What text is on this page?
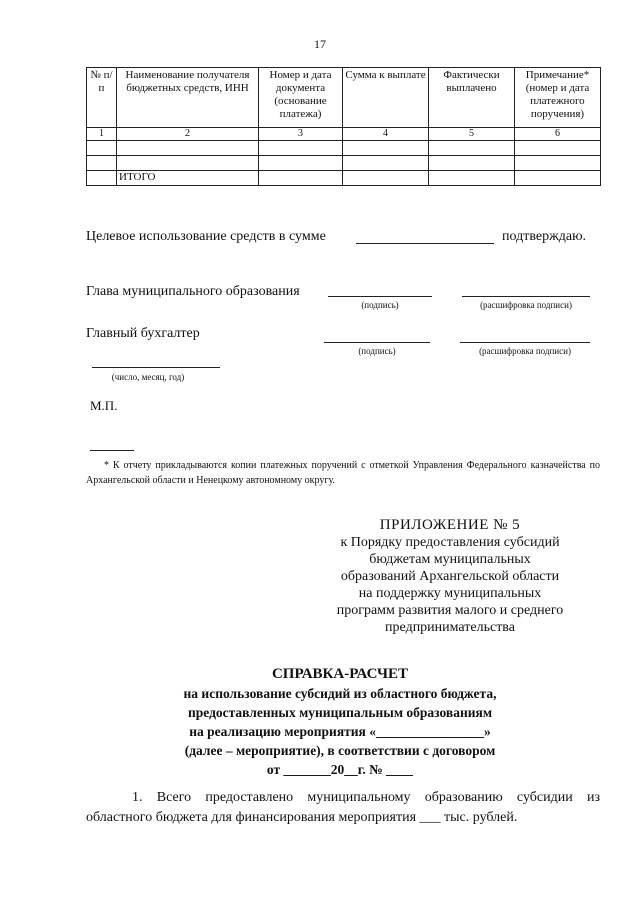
17
№ п/п	Наименование получателя бюджетных средств, ИНН	Номер и дата документа (основание платежа)	Сумма к выплате	Фактически выплачено	Примечание* (номер и дата платежного поручения)
1	2	3	4	5	6

	ИТОГО				
Целевое использование средств в сумме	подтверждаю.
Глава муниципального образования
(подпись)	(расшифровка подписи)
Главный бухгалтер
(подпись)	(расшифровка подписи)
(число, месяц, год)
М.П.
* К отчету прикладываются копии платежных поручений с отметкой Управления Федерального казначейства по Архангельской области и Ненецкому автономному округу.
ПРИЛОЖЕНИЕ № 5
к Порядку предоставления субсидий
бюджетам муниципальных
образований Архангельской области
на поддержку муниципальных
программ развития малого и среднего
предпринимательства
СПРАВКА-РАСЧЕТ
на использование субсидий из областного бюджета,
предоставленных муниципальным образованиям
на реализацию мероприятия «________________»
(далее – мероприятие), в соответствии с договором
от _______20__г. № ____
1. Всего предоставлено муниципальному образованию субсидии из областного бюджета для финансирования мероприятия ___ тыс. рублей.
